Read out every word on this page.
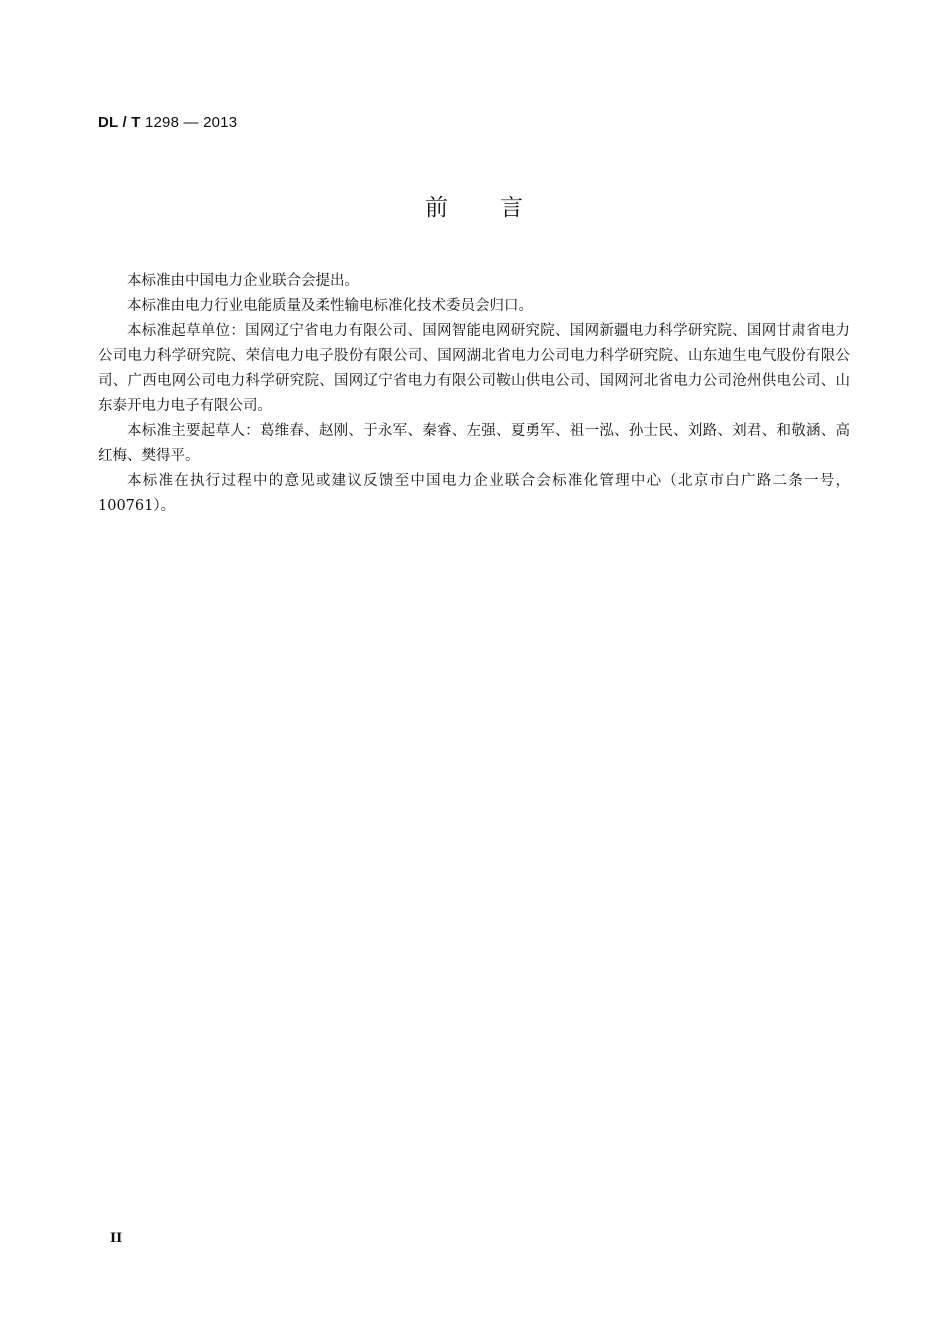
DL / T 1298 — 2013
前 言

本标准由中国电力企业联合会提出。

本标准由电力行业电能质量及柔性输电标准化技术委员会归口。

本标准起草单位：国网辽宁省电力有限公司、国网智能电网研究院、国网新疆电力科学研究院、国网甘肃省电力公司电力科学研究院、荣信电力电子股份有限公司、国网湖北省电力公司电力科学研究院、山东迪生电气股份有限公司、广西电网公司电力科学研究院、国网辽宁省电力有限公司鞍山供电公司、国网河北省电力公司沧州供电公司、山东泰开电力电子有限公司。

本标准主要起草人：葛维春、赵刚、于永军、秦睿、左强、夏勇军、祖一泓、孙士民、刘路、刘君、和敬涵、高红梅、樊得平。

本标准在执行过程中的意见或建议反馈至中国电力企业联合会标准化管理中心（北京市白广路二条一号，100761）。

II
